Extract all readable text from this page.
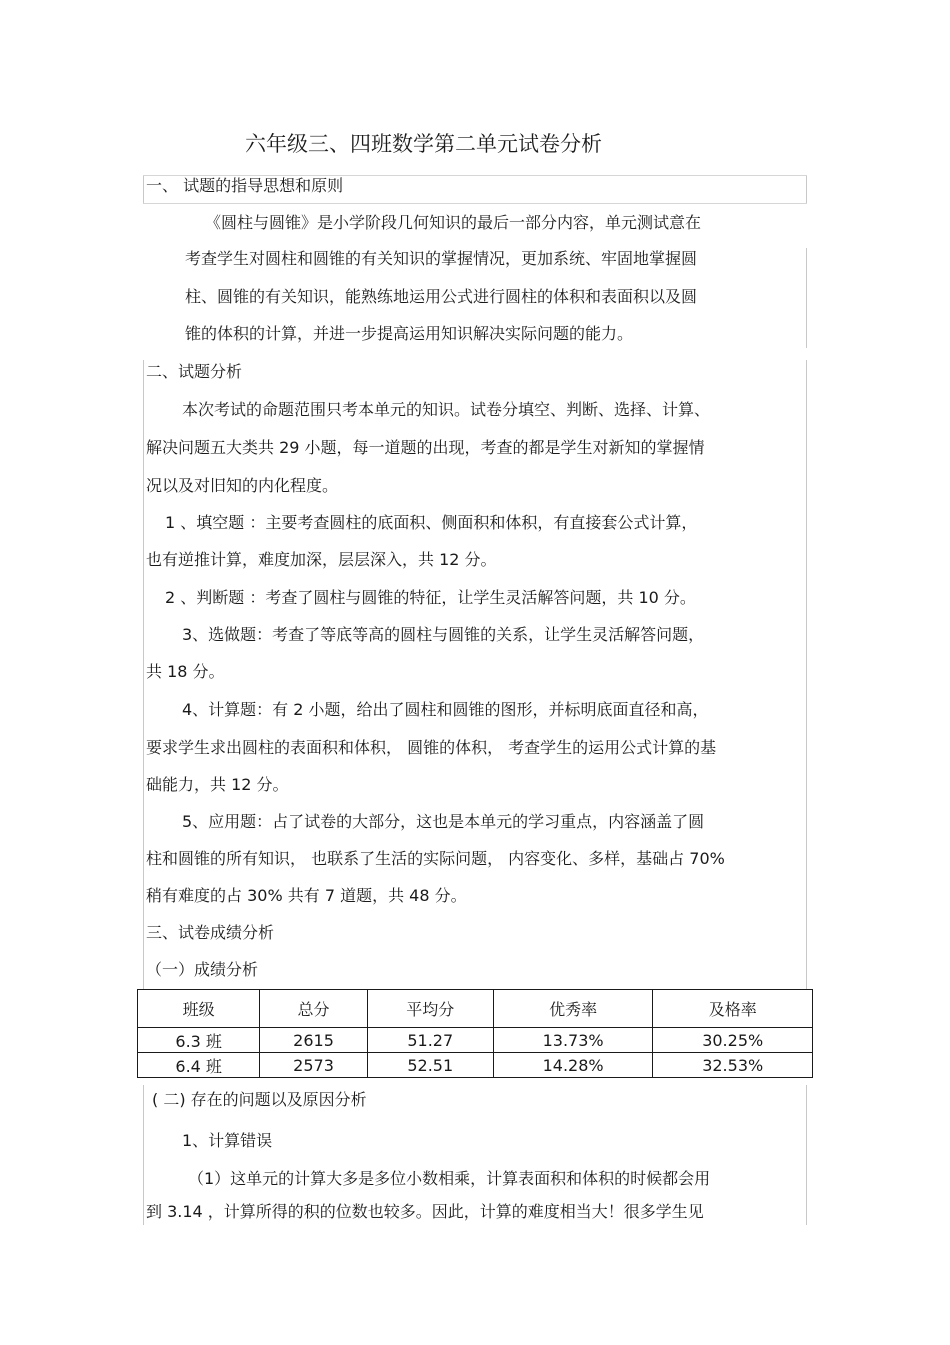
六年级三、四班数学第二单元试卷分析
一、 试题的指导思想和原则
《圆柱与圆锥》是小学阶段几何知识的最后一部分内容，单元测试意在
考查学生对圆柱和圆锥的有关知识的掌握情况，更加系统、牢固地掌握圆
柱、圆锥的有关知识，能熟练地运用公式进行圆柱的体积和表面积以及圆
锥的体积的计算，并进一步提高运用知识解决实际问题的能力。
二、试题分析
本次考试的命题范围只考本单元的知识。试卷分填空、判断、选择、计算、
解决问题五大类共 29 小题，每一道题的出现，考查的都是学生对新知的掌握情
况以及对旧知的内化程度。
1 、填空题 ：主要考查圆柱的底面积、侧面积和体积，有直接套公式计算，
也有逆推计算，难度加深，层层深入，共 12 分。
2 、判断题 ：考查了圆柱与圆锥的特征，让学生灵活解答问题，共 10 分。
3、选做题：考查了等底等高的圆柱与圆锥的关系，让学生灵活解答问题，
共 18 分。
4、计算题：有 2 小题，给出了圆柱和圆锥的图形，并标明底面直径和高，
要求学生求出圆柱的表面积和体积， 圆锥的体积， 考查学生的运用公式计算的基
础能力，共 12 分。
5、应用题：占了试卷的大部分，这也是本单元的学习重点，内容涵盖了圆
柱和圆锥的所有知识， 也联系了生活的实际问题， 内容变化、多样，基础占 70%
稍有难度的占 30% 共有 7 道题，共 48 分。
三、试卷成绩分析
（一）成绩分析
班级	总分	平均分	优秀率	及格率
6.3 班	2615	51.27	13.73%	30.25%
6.4 班	2573	52.51	14.28%	32.53%
( 二) 存在的问题以及原因分析
1、计算错误
（1）这单元的计算大多是多位小数相乘，计算表面积和体积的时候都会用
到 3.14 ，计算所得的积的位数也较多。因此，计算的难度相当大！很多学生见
